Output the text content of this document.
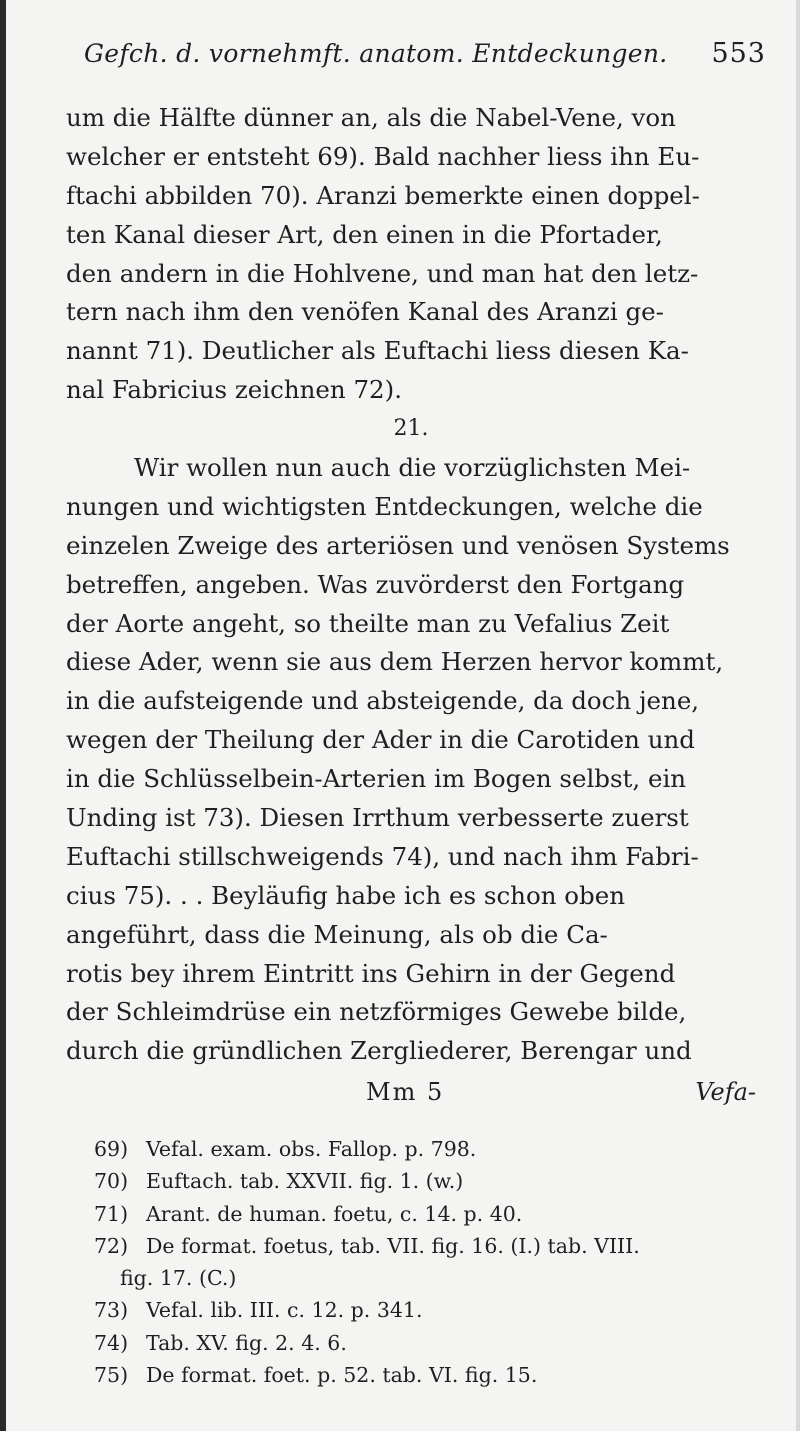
Gefch. d. vornehmft. anatom. Entdeckungen. 553
um die Hälfte dünner an, als die Nabel-Vene, von
welcher er entsteht 69). Bald nachher liess ihn Eu-
ftachi abbilden 70). Aranzi bemerkte einen doppel-
ten Kanal dieser Art, den einen in die Pfortader,
den andern in die Hohlvene, und man hat den letz-
tern nach ihm den venöfen Kanal des Aranzi ge-
nannt 71). Deutlicher als Euftachi liess diesen Ka-
nal Fabricius zeichnen 72).
21.
Wir wollen nun auch die vorzüglichsten Mei-
nungen und wichtigsten Entdeckungen, welche die
einzelen Zweige des arteriösen und venösen Systems
betreffen, angeben. Was zuvörderst den Fortgang
der Aorte angeht, so theilte man zu Vefalius Zeit
diese Ader, wenn sie aus dem Herzen hervor kommt,
in die aufsteigende und absteigende, da doch jene,
wegen der Theilung der Ader in die Carotiden und
in die Schlüsselbein-Arterien im Bogen selbst, ein
Unding ist 73). Diesen Irrthum verbesserte zuerst
Euftachi stillschweigends 74), und nach ihm Fabri-
cius 75). . . Beyläufig habe ich es schon oben
angeführt, dass die Meinung, als ob die Ca-
rotis bey ihrem Eintritt ins Gehirn in der Gegend
der Schleimdrüse ein netzförmiges Gewebe bilde,
durch die gründlichen Zergliederer, Berengar und
Mm 5	Vefa-
69) Vefal. exam. obs. Fallop. p. 798.
70) Euftach. tab. XXVII. fig. 1. (w.)
71) Arant. de human. foetu, c. 14. p. 40.
72) De format. foetus, tab. VII. fig. 16. (I.) tab. VIII.
fig. 17. (C.)
73) Vefal. lib. III. c. 12. p. 341.
74) Tab. XV. fig. 2. 4. 6.
75) De format. foet. p. 52. tab. VI. fig. 15.
